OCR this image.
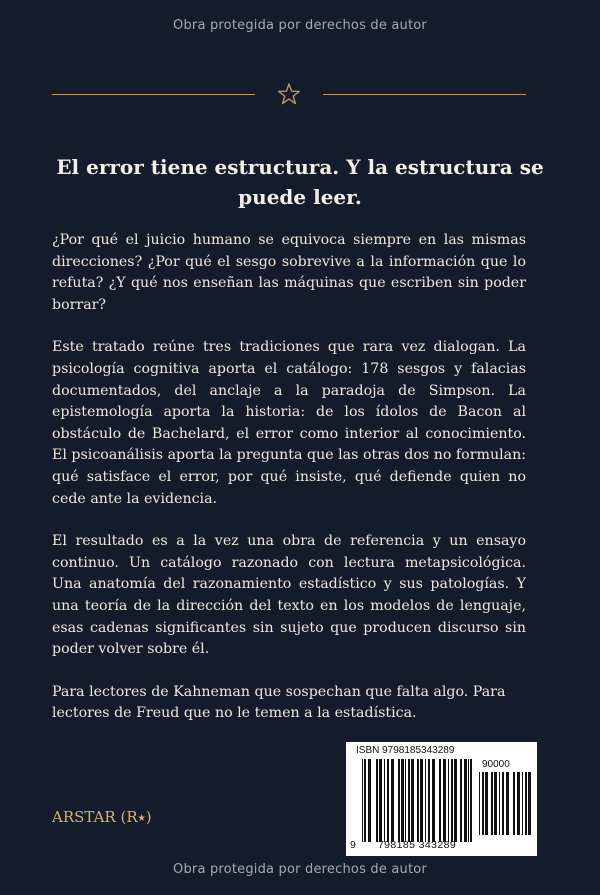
Obra protegida por derechos de autor
El error tiene estructura. Y la estructura se puede leer.

¿Por qué el juicio humano se equivoca siempre en las mismas direcciones? ¿Por qué el sesgo sobrevive a la información que lo refuta? ¿Y qué nos enseñan las máquinas que escriben sin poder borrar?

Este tratado reúne tres tradiciones que rara vez dialogan. La psicología cognitiva aporta el catálogo: 178 sesgos y falacias documentados, del anclaje a la paradoja de Simpson. La epistemología aporta la historia: de los ídolos de Bacon al obstáculo de Bachelard, el error como interior al conocimiento. El psicoanálisis aporta la pregunta que las otras dos no formulan: qué satisface el error, por qué insiste, qué defiende quien no cede ante la evidencia.

El resultado es a la vez una obra de referencia y un ensayo continuo. Un catálogo razonado con lectura metapsicológica. Una anatomía del razonamiento estadístico y sus patologías. Y una teoría de la dirección del texto en los modelos de lenguaje, esas cadenas significantes sin sujeto que producen discurso sin poder volver sobre él.

Para lectores de Kahneman que sospechan que falta algo. Para lectores de Freud que no le temen a la estadística.

ARSTAR (R⭑)
ISBN 9798185343289
90000
9	798185 343289
Obra protegida por derechos de autor
